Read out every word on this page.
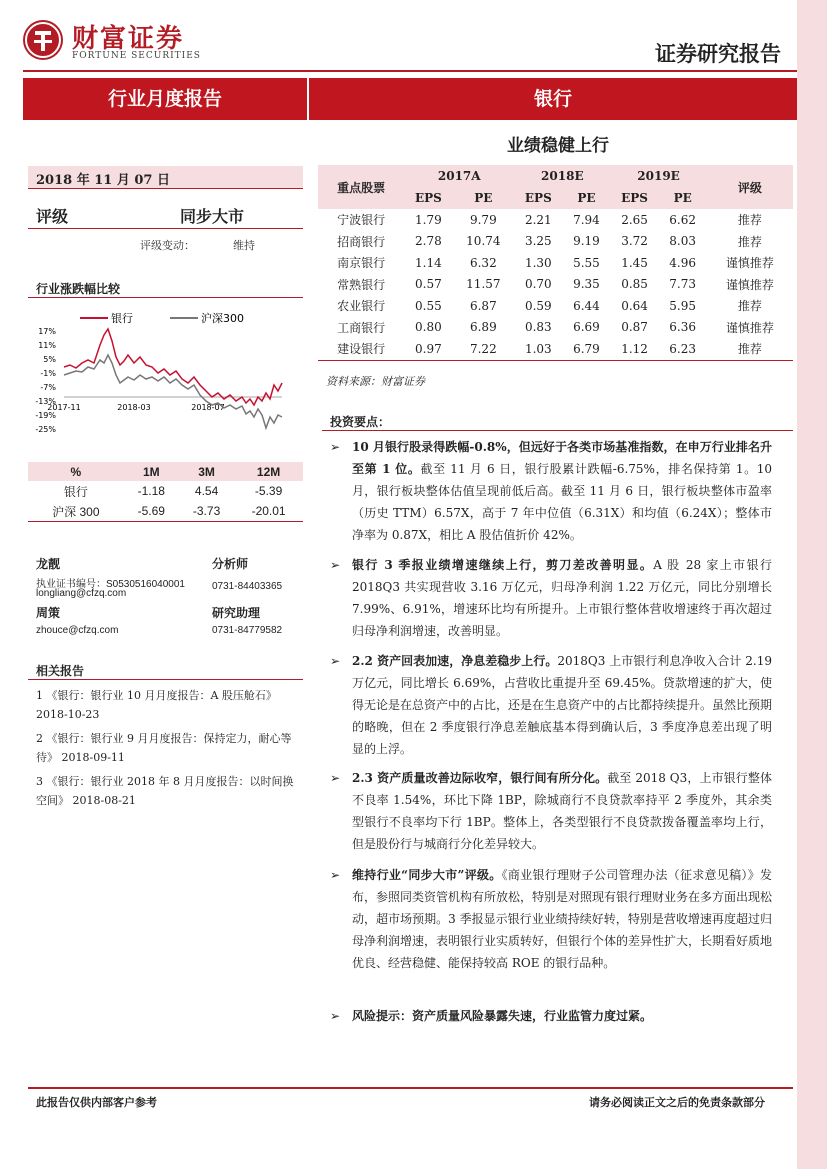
财富证券
FORTUNE SECURITIES	证券研究报告
行业月度报告	银行
业绩稳健上行
2018 年 11 月 07 日
评级	同步大市
评级变动：	维持
行业涨跌幅比较
银行	沪深300
17%
11%
5%
-1%
-7%
-13%
-19%
-25%
2017-11	2018-03	2018-07
%	1M	3M	12M
银行	-1.18	4.54	-5.39
沪深 300	-5.69	-3.73	-20.01
龙靓	分析师
执业证书编号：S0530516040001	0731-84403365
longliang@cfzq.com
周策	研究助理
zhouce@cfzq.com	0731-84779582
相关报告
1 《银行：银行业 10 月月度报告：A 股压舱石》 2018-10-23
2 《银行：银行业 9 月月度报告：保持定力，耐心等待》 2018-09-11
3 《银行：银行业 2018 年 8 月月度报告：以时间换空间》 2018-08-21
重点股票	2017A		2018E		2019E		评级
	EPS	PE	EPS	PE	EPS	PE	
宁波银行	1.79	9.79	2.21	7.94	2.65	6.62	推荐
招商银行	2.78	10.74	3.25	9.19	3.72	8.03	推荐
南京银行	1.14	6.32	1.30	5.55	1.45	4.96	谨慎推荐
常熟银行	0.57	11.57	0.70	9.35	0.85	7.73	谨慎推荐
农业银行	0.55	6.87	0.59	6.44	0.64	5.95	推荐
工商银行	0.80	6.89	0.83	6.69	0.87	6.36	谨慎推荐
建设银行	0.97	7.22	1.03	6.79	1.12	6.23	推荐
资料来源：财富证券
投资要点：
➢ 10 月银行股录得跌幅-0.8%，但远好于各类市场基准指数，在申万行业排名升至第 1 位。截至 11 月 6 日，银行股累计跌幅-6.75%，排名保持第 1。10 月，银行板块整体估值呈现前低后高。截至 11 月 6 日，银行板块整体市盈率（历史 TTM）6.57X，高于 7 年中位值（6.31X）和均值（6.24X）；整体市净率为 0.87X，相比 A 股估值折价 42%。
➢ 银行 3 季报业绩增速继续上行，剪刀差改善明显。A 股 28 家上市银行 2018Q3 共实现营收 3.16 万亿元，归母净利润 1.22 万亿元，同比分别增长 7.99%、6.91%，增速环比均有所提升。上市银行整体营收增速终于再次超过归母净利润增速，改善明显。
➢ 2.2 资产回表加速，净息差稳步上行。2018Q3 上市银行利息净收入合计 2.19 万亿元，同比增长 6.69%，占营收比重提升至 69.45%。贷款增速的扩大，使得无论是在总资产中的占比，还是在生息资产中的占比都持续提升。虽然比预期的略晚，但在 2 季度银行净息差触底基本得到确认后，3 季度净息差出现了明显的上浮。
➢ 2.3 资产质量改善边际收窄，银行间有所分化。截至 2018 Q3，上市银行整体不良率 1.54%，环比下降 1BP，除城商行不良贷款率持平 2 季度外，其余类型银行不良率均下行 1BP。整体上，各类型银行不良贷款拨备覆盖率均上行，但是股份行与城商行分化差异较大。
➢ 维持行业“同步大市”评级。《商业银行理财子公司管理办法（征求意见稿）》发布，参照同类资管机构有所放松，特别是对照现有银行理财业务在多方面出现松动，超市场预期。3 季报显示银行业业绩持续好转，特别是营收增速再度超过归母净利润增速，表明银行业实质转好，但银行个体的差异性扩大，长期看好质地优良、经营稳健、能保持较高 ROE 的银行品种。
➢ 风险提示：资产质量风险暴露失速，行业监管力度过紧。
此报告仅供内部客户参考	请务必阅读正文之后的免责条款部分
